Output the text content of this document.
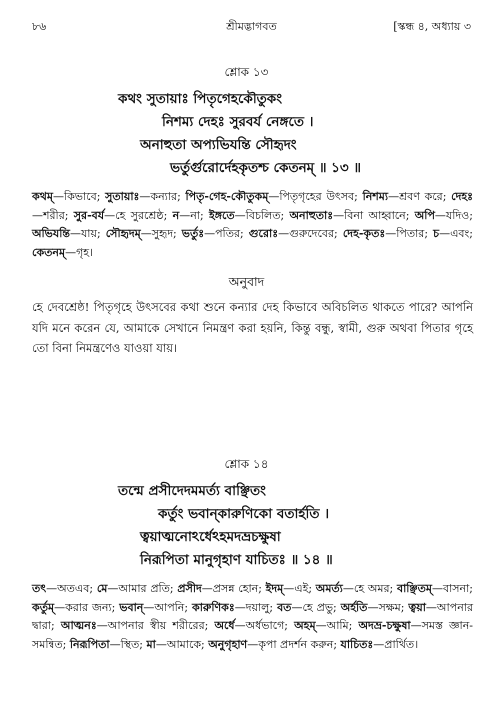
৮৬	শ্রীমদ্ভাগবত	[স্কন্ধ ৪, অধ্যায় ৩
শ্লোক ১৩
কথং সুতায়াঃ পিতৃগেহকৌতুকং
নিশম্য দেহঃ সুরবর্য নেঙ্গতে ।
অনাহুতা অপ্যভিযন্তি সৌহৃদং
ভর্তুর্গুরোর্দেহকৃতশ্চ কেতনম্ ॥ ১৩ ॥
কথম্—কিভাবে; সুতায়াঃ—কন্যার; পিতৃ-গেহ-কৌতুকম্—পিতৃগৃহের উৎসব; নিশম্য—শ্রবণ করে; দেহঃ—শরীর; সুর-বর্য—হে সুরশ্রেষ্ঠ; ন—না; ইঙ্গতে—বিচলিত; অনাহুতাঃ—বিনা আহ্বানে; অপি—যদিও; অভিযন্তি—যায়; সৌহৃদম্—সুহৃদ; ভর্তুঃ—পতির; গুরোঃ—গুরুদেবের; দেহ-কৃতঃ—পিতার; চ—এবং; কেতনম্—গৃহ।
অনুবাদ
হে দেবশ্রেষ্ঠ! পিতৃগৃহে উৎসবের কথা শুনে কন্যার দেহ কিভাবে অবিচলিত থাকতে পারে? আপনি যদি মনে করেন যে, আমাকে সেখানে নিমন্ত্রণ করা হয়নি, কিন্তু বন্ধু, স্বামী, গুরু অথবা পিতার গৃহে তো বিনা নিমন্ত্রণেও যাওয়া যায়।
শ্লোক ১৪
তন্মে প্রসীদেদমমর্ত্য বাঞ্ছিতং
কর্তুং ভবান্‌কারুণিকো বতার্হতি ।
ত্বয়াত্মনোঽর্ধেঽহমদভ্রচক্ষুষা
নিরূপিতা মানুগৃহাণ যাচিতঃ ॥ ১৪ ॥
তৎ—অতএব; মে—আমার প্রতি; প্রসীদ—প্রসন্ন হোন; ইদম্—এই; অমর্ত্য—হে অমর; বাঞ্ছিতম্—বাসনা; কর্তুম্—করার জন্য; ভবান্—আপনি; কারুণিকঃ—দয়ালু; বত—হে প্রভু; অর্হতি—সক্ষম; ত্বয়া—আপনার দ্বারা; আত্মনঃ—আপনার স্বীয় শরীরের; অর্ধে—অর্ধভাগে; অহম্—আমি; অদভ্র-চক্ষুষা—সমস্ত জ্ঞান-সমন্বিত; নিরূপিতা—স্থিত; মা—আমাকে; অনুগৃহাণ—কৃপা প্রদর্শন করুন; যাচিতঃ—প্রার্থিত।
